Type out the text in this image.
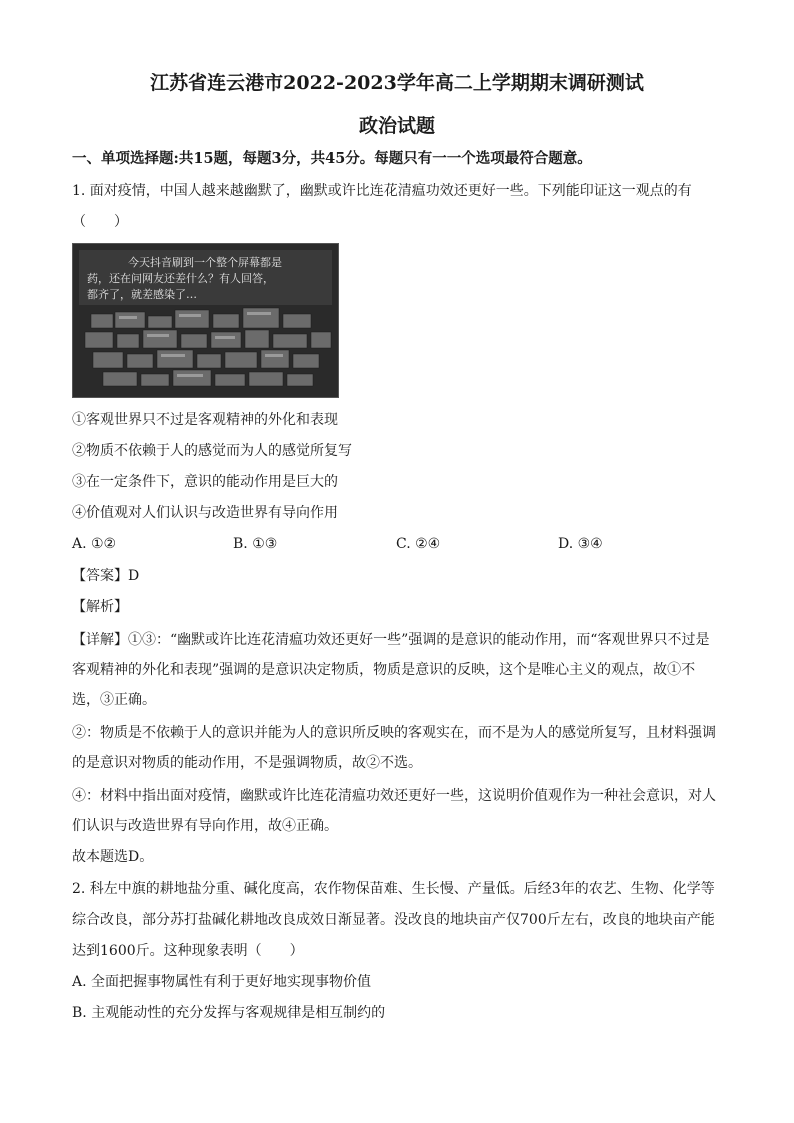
江苏省连云港市2022-2023学年高二上学期期末调研测试
政治试题
一、单项选择题:共15题，每题3分，共45分。每题只有一一个选项最符合题意。
1. 面对疫情，中国人越来越幽默了，幽默或许比连花清瘟功效还更好一些。下列能印证这一观点的有
（　　）
今天抖音刷到一个整个屏幕都是
药，还在问网友还差什么？有人回答，
都齐了，就差感染了…
①客观世界只不过是客观精神的外化和表现
②物质不依赖于人的感觉而为人的感觉所复写
③在一定条件下，意识的能动作用是巨大的
④价值观对人们认识与改造世界有导向作用
A. ①②	B. ①③	C. ②④	D. ③④
【答案】D
【解析】
【详解】①③：“幽默或许比连花清瘟功效还更好一些”强调的是意识的能动作用，而“客观世界只不过是
客观精神的外化和表现”强调的是意识决定物质，物质是意识的反映，这个是唯心主义的观点，故①不
选，③正确。
②：物质是不依赖于人的意识并能为人的意识所反映的客观实在，而不是为人的感觉所复写，且材料强调
的是意识对物质的能动作用，不是强调物质，故②不选。
④：材料中指出面对疫情，幽默或许比连花清瘟功效还更好一些，这说明价值观作为一种社会意识，对人
们认识与改造世界有导向作用，故④正确。
故本题选D。
2. 科左中旗的耕地盐分重、碱化度高，农作物保苗难、生长慢、产量低。后经3年的农艺、生物、化学等
综合改良，部分苏打盐碱化耕地改良成效日渐显著。没改良的地块亩产仅700斤左右，改良的地块亩产能
达到1600斤。这种现象表明（　　）
A. 全面把握事物属性有利于更好地实现事物价值
B. 主观能动性的充分发挥与客观规律是相互制约的
